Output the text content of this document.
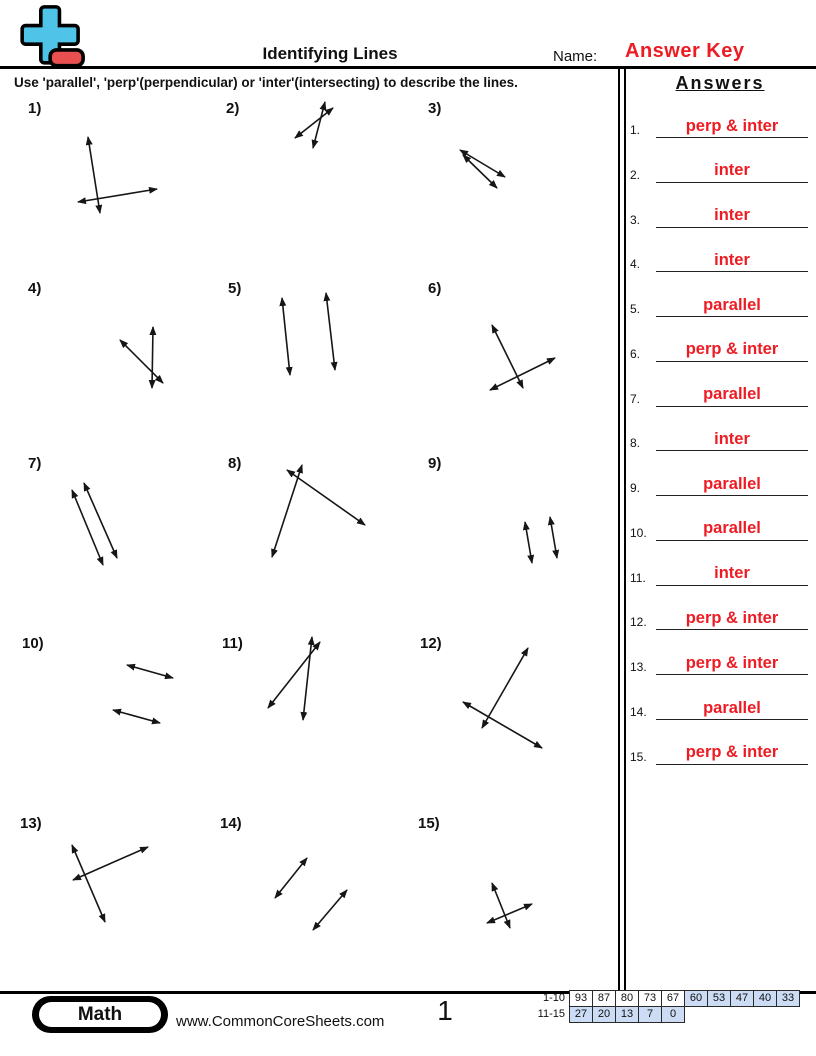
Identifying Lines	Name: Answer Key
Use 'parallel', 'perp'(perpendicular) or 'inter'(intersecting) to describe the lines.
1)	2)	3)
4)	5)	6)
7)	8)	9)
10)	11)	12)
13)	14)	15)
Answers
1.	perp & inter
2.	inter
3.	inter
4.	inter
5.	parallel
6.	perp & inter
7.	parallel
8.	inter
9.	parallel
10.	parallel
11.	inter
12.	perp & inter
13.	perp & inter
14.	parallel
15.	perp & inter
Math	www.CommonCoreSheets.com	1	1-10 93 87 80 73 67 60 53 47 40 33
11-15 27 20 13	7	0
